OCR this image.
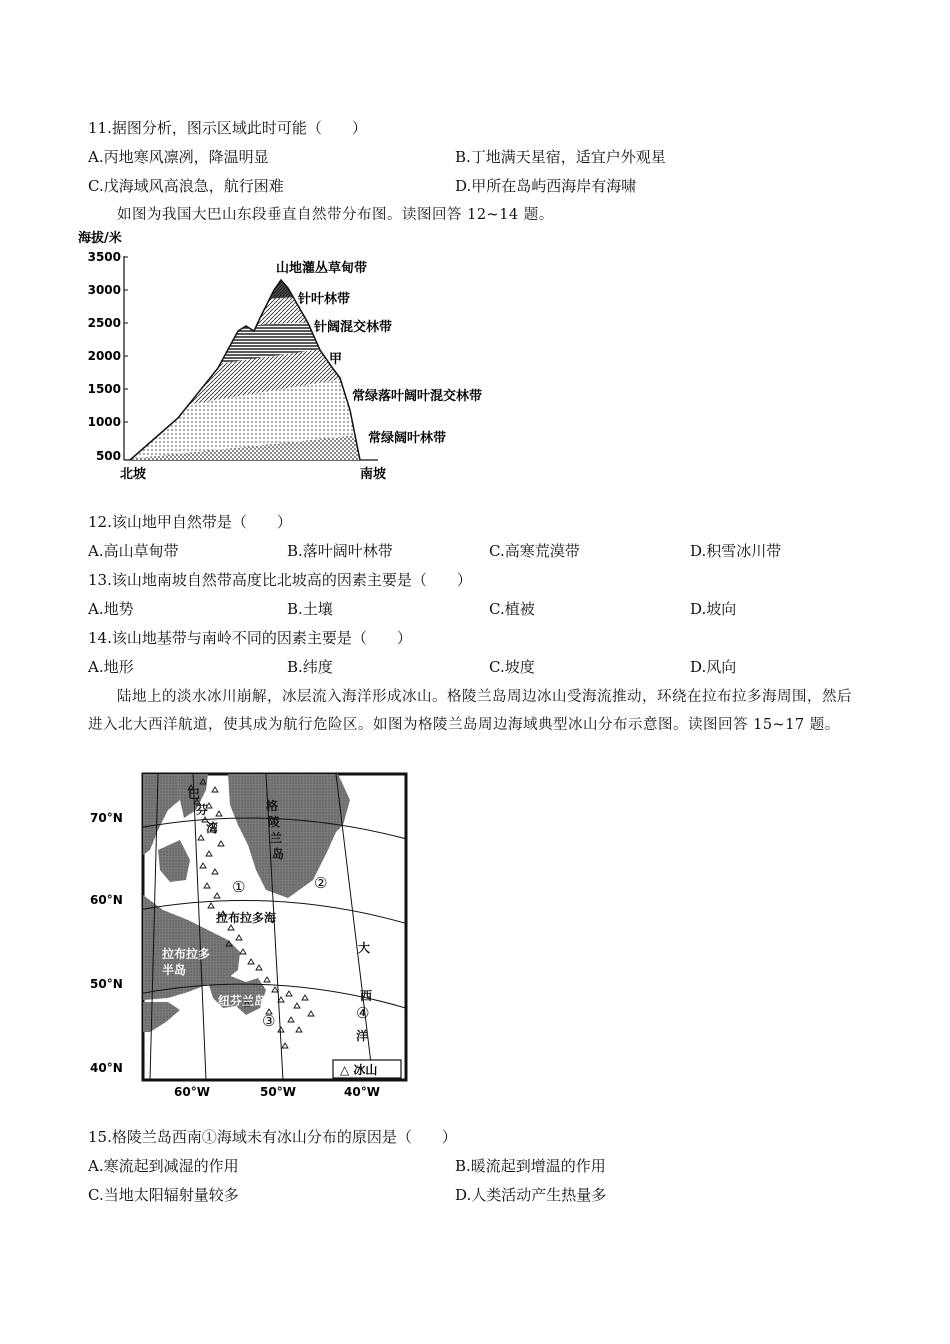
11.据图分析，图示区域此时可能（　　）
A.丙地寒风凛冽，降温明显	B.丁地满天星宿，适宜户外观星
C.戊海域风高浪急，航行困难	D.甲所在岛屿西海岸有海啸
如图为我国大巴山东段垂直自然带分布图。读图回答 12~14 题。
海拔/米
3500
3000
2500
2000
1500
1000
500
山地灌丛草甸带
针叶林带
针阔混交林带
甲
常绿落叶阔叶混交林带
常绿阔叶林带
北坡	南坡
12.该山地甲自然带是（　　）
A.高山草甸带	B.落叶阔叶林带	C.高寒荒漠带	D.积雪冰川带
13.该山地南坡自然带高度比北坡高的因素主要是（　　）
A.地势	B.土壤	C.植被	D.坡向
14.该山地基带与南岭不同的因素主要是（　　）
A.地形	B.纬度	C.坡度	D.风向
陆地上的淡水冰川崩解，冰层流入海洋形成冰山。格陵兰岛周边冰山受海流推动，环绕在拉布拉多海周围，然后进入北大西洋航道，使其成为航行危险区。如图为格陵兰岛周边海域典型冰山分布示意图。读图回答 15~17 题。
70°N
60°N
50°N
40°N
60°W	50°W	40°W
巴
芬
湾
格
陵
兰
岛
拉布拉多海
拉布拉多
半岛
纽芬兰岛
大
西
洋
①	②
③	④
△ 冰山
15.格陵兰岛西南①海域未有冰山分布的原因是（　　）
A.寒流起到减湿的作用	B.暖流起到增温的作用
C.当地太阳辐射量较多	D.人类活动产生热量多
